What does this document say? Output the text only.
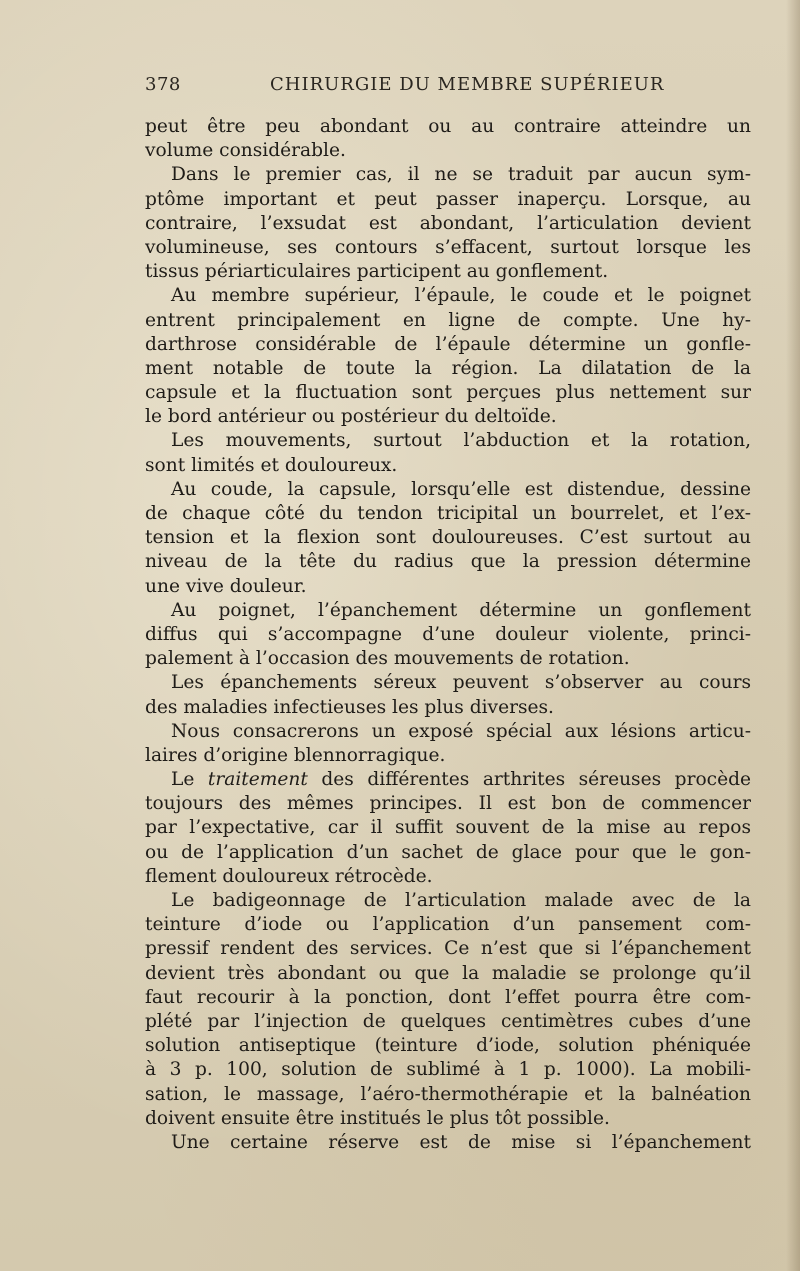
378	CHIRURGIE DU MEMBRE SUPÉRIEUR
peut être peu abondant ou au contraire atteindre un
volume considérable.
Dans le premier cas, il ne se traduit par aucun sym-
ptôme important et peut passer inaperçu. Lorsque, au
contraire, l’exsudat est abondant, l’articulation devient
volumineuse, ses contours s’effacent, surtout lorsque les
tissus périarticulaires participent au gonflement.
Au membre supérieur, l’épaule, le coude et le poignet
entrent principalement en ligne de compte. Une hy-
darthrose considérable de l’épaule détermine un gonfle-
ment notable de toute la région. La dilatation de la
capsule et la fluctuation sont perçues plus nettement sur
le bord antérieur ou postérieur du deltoïde.
Les mouvements, surtout l’abduction et la rotation,
sont limités et douloureux.
Au coude, la capsule, lorsqu’elle est distendue, dessine
de chaque côté du tendon tricipital un bourrelet, et l’ex-
tension et la flexion sont douloureuses. C’est surtout au
niveau de la tête du radius que la pression détermine
une vive douleur.
Au poignet, l’épanchement détermine un gonflement
diffus qui s’accompagne d’une douleur violente, princi-
palement à l’occasion des mouvements de rotation.
Les épanchements séreux peuvent s’observer au cours
des maladies infectieuses les plus diverses.
Nous consacrerons un exposé spécial aux lésions articu-
laires d’origine blennorragique.
Le traitement des différentes arthrites séreuses procède
toujours des mêmes principes. Il est bon de commencer
par l’expectative, car il suffit souvent de la mise au repos
ou de l’application d’un sachet de glace pour que le gon-
flement douloureux rétrocède.
Le badigeonnage de l’articulation malade avec de la
teinture d’iode ou l’application d’un pansement com-
pressif rendent des services. Ce n’est que si l’épanchement
devient très abondant ou que la maladie se prolonge qu’il
faut recourir à la ponction, dont l’effet pourra être com-
plété par l’injection de quelques centimètres cubes d’une
solution antiseptique (teinture d’iode, solution phéniquée
à 3 p. 100, solution de sublimé à 1 p. 1000). La mobili-
sation, le massage, l’aéro-thermothérapie et la balnéation
doivent ensuite être institués le plus tôt possible.
Une certaine réserve est de mise si l’épanchement
